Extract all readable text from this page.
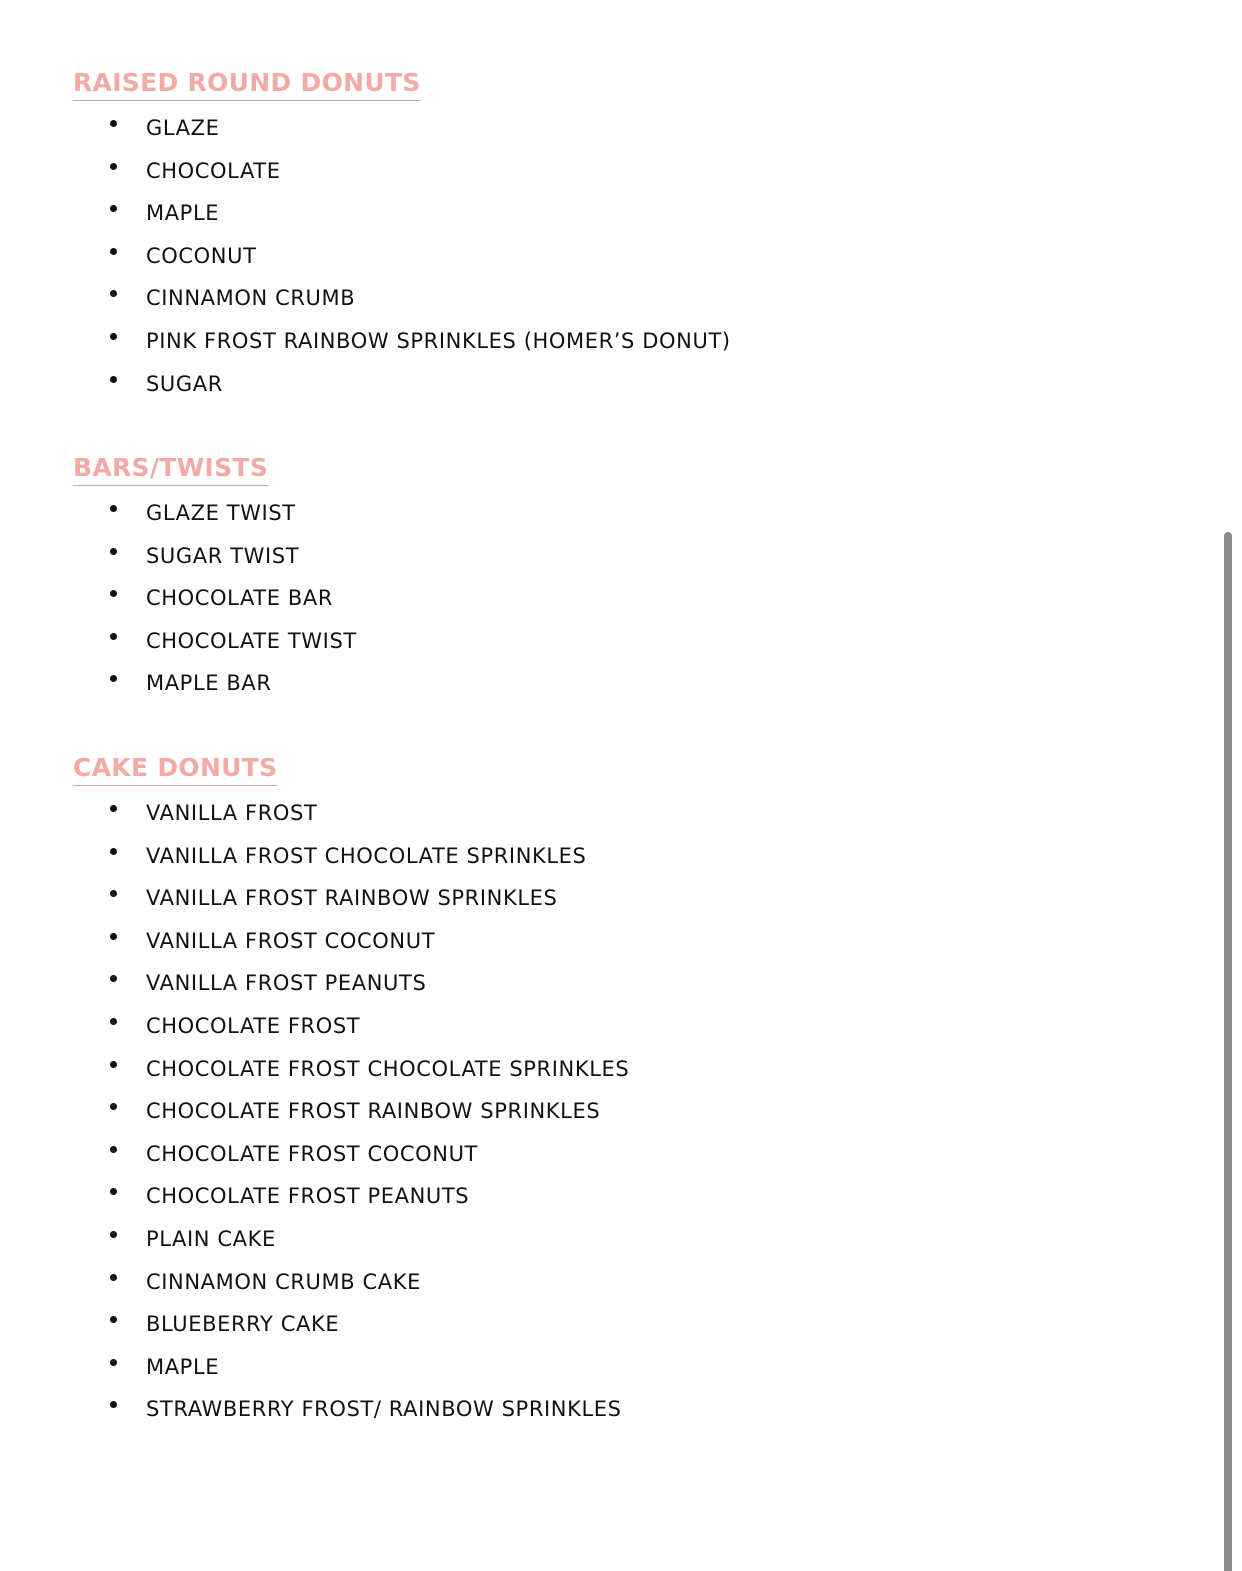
RAISED ROUND DONUTS
GLAZE
CHOCOLATE
MAPLE
COCONUT
CINNAMON CRUMB
PINK FROST RAINBOW SPRINKLES (HOMER’S DONUT)
SUGAR
BARS/TWISTS
GLAZE TWIST
SUGAR TWIST
CHOCOLATE BAR
CHOCOLATE TWIST
MAPLE BAR
CAKE DONUTS
VANILLA FROST
VANILLA FROST CHOCOLATE SPRINKLES
VANILLA FROST RAINBOW SPRINKLES
VANILLA FROST COCONUT
VANILLA FROST PEANUTS
CHOCOLATE FROST
CHOCOLATE FROST CHOCOLATE SPRINKLES
CHOCOLATE FROST RAINBOW SPRINKLES
CHOCOLATE FROST COCONUT
CHOCOLATE FROST PEANUTS
PLAIN CAKE
CINNAMON CRUMB CAKE
BLUEBERRY CAKE
MAPLE
STRAWBERRY FROST/ RAINBOW SPRINKLES
